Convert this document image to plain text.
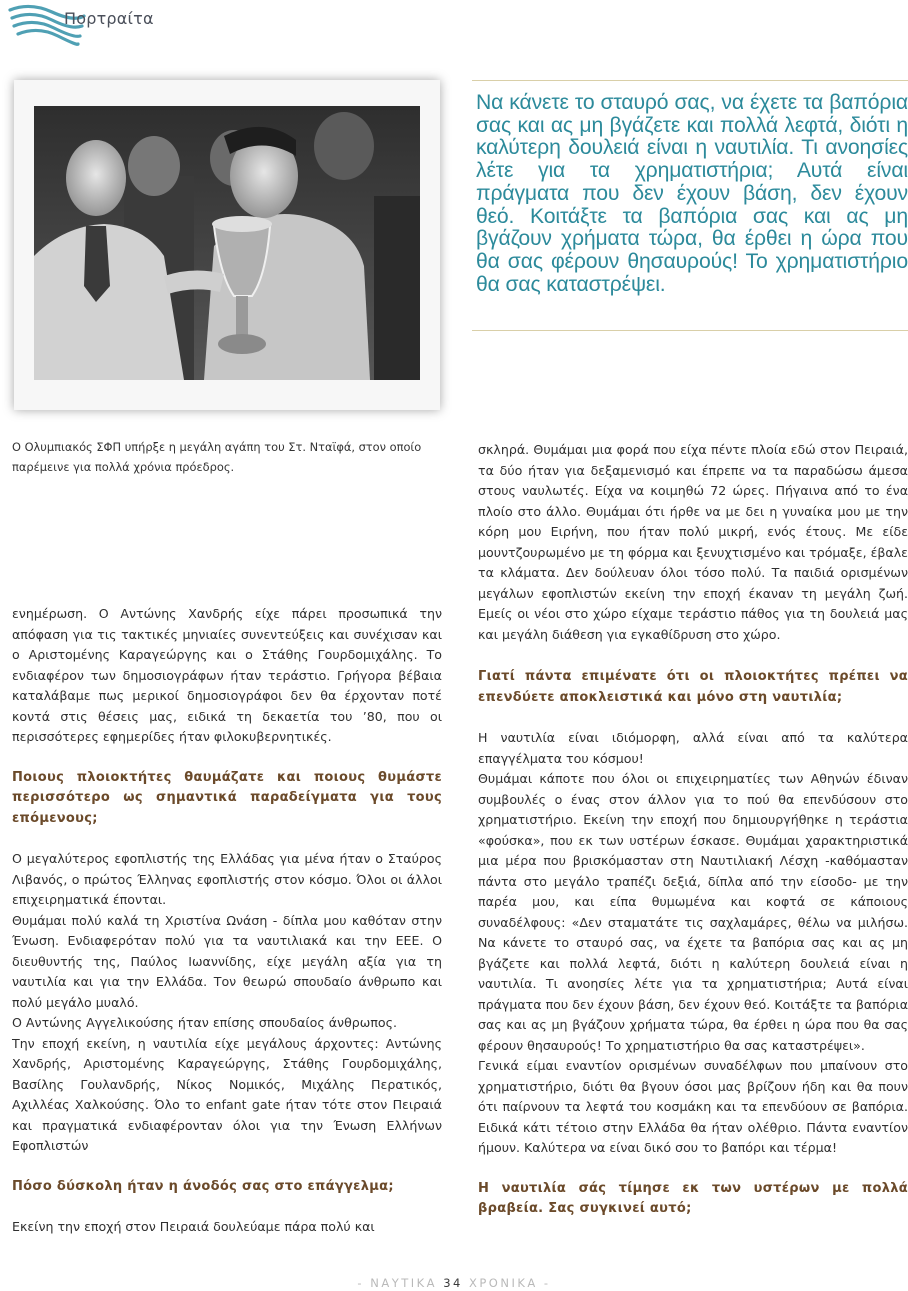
Πορτραίτα
Να κάνετε το σταυρό σας, να έχετε τα βαπόρια σας και ας μη βγάζετε και πολλά λεφτά, διότι η καλύτερη δουλειά είναι η ναυτιλία. Τι ανοησίες λέτε για τα χρηματιστήρια; Αυτά είναι πράγματα που δεν έχουν βάση, δεν έχουν θεό. Κοιτάξτε τα βαπόρια σας και ας μη βγάζουν χρήματα τώρα, θα έρθει η ώρα που θα σας φέρουν θησαυρούς! Το χρηματιστήριο θα σας καταστρέψει.
Ο Ολυμπιακός ΣΦΠ υπήρξε η μεγάλη αγάπη του Στ. Νταϊφά, στον οποίο παρέμεινε για πολλά χρόνια πρόεδρος.

ενημέρωση. Ο Αντώνης Χανδρής είχε πάρει προσωπικά την απόφαση για τις τακτικές μηνιαίες συνεντεύξεις και συνέχισαν και ο Αριστομένης Καραγεώργης και ο Στάθης Γουρδομιχάλης. Το ενδιαφέρον των δημοσιογράφων ήταν τεράστιο. Γρήγορα βέβαια καταλάβαμε πως μερικοί δημοσιογράφοι δεν θα έρχονταν ποτέ κοντά στις θέσεις μας, ειδικά τη δεκαετία του ’80, που οι περισσότερες εφημερίδες ήταν φιλοκυβερνητικές.

Ποιους πλοιοκτήτες θαυμάζατε και ποιους θυμάστε περισσότερο ως σημαντικά παραδείγματα για τους επόμενους;

Ο μεγαλύτερος εφοπλιστής της Ελλάδας για μένα ήταν ο Σταύρος Λιβανός, ο πρώτος Έλληνας εφοπλιστής στον κόσμο. Όλοι οι άλλοι επιχειρηματικά έπονται.

Θυμάμαι πολύ καλά τη Χριστίνα Ωνάση - δίπλα μου καθόταν στην Ένωση. Ενδιαφερόταν πολύ για τα ναυτιλιακά και την ΕΕΕ. Ο διευθυντής της, Παύλος Ιωαννίδης, είχε μεγάλη αξία για τη ναυτιλία και για την Ελλάδα. Τον θεωρώ σπουδαίο άνθρωπο και πολύ μεγάλο μυαλό.

Ο Αντώνης Αγγελικούσης ήταν επίσης σπουδαίος άνθρωπος.

Την εποχή εκείνη, η ναυτιλία είχε μεγάλους άρχοντες: Αντώνης Χανδρής, Αριστομένης Καραγεώργης, Στάθης Γουρδομιχάλης, Βασίλης Γουλανδρής, Νίκος Νομικός, Μιχάλης Περατικός, Αχιλλέας Χαλκούσης. Όλο το enfant gate ήταν τότε στον Πειραιά και πραγματικά ενδιαφέρονταν όλοι για την Ένωση Ελλήνων Εφοπλιστών

Πόσο δύσκολη ήταν η άνοδός σας στο επάγγελμα;

Εκείνη την εποχή στον Πειραιά δουλεύαμε πάρα πολύ και

σκληρά. Θυμάμαι μια φορά που είχα πέντε πλοία εδώ στον Πειραιά, τα δύο ήταν για δεξαμενισμό και έπρεπε να τα παραδώσω άμεσα στους ναυλωτές. Είχα να κοιμηθώ 72 ώρες. Πήγαινα από το ένα πλοίο στο άλλο. Θυμάμαι ότι ήρθε να με δει η γυναίκα μου με την κόρη μου Ειρήνη, που ήταν πολύ μικρή, ενός έτους. Με είδε μουντζουρωμένο με τη φόρμα και ξενυχτισμένο και τρόμαξε, έβαλε τα κλάματα. Δεν δούλευαν όλοι τόσο πολύ. Τα παιδιά ορισμένων μεγάλων εφοπλιστών εκείνη την εποχή έκαναν τη μεγάλη ζωή. Εμείς οι νέοι στο χώρο είχαμε τεράστιο πάθος για τη δουλειά μας και μεγάλη διάθεση για εγκαθίδρυση στο χώρο.

Γιατί πάντα επιμένατε ότι οι πλοιοκτήτες πρέπει να επενδύετε αποκλειστικά και μόνο στη ναυτιλία;

Η ναυτιλία είναι ιδιόμορφη, αλλά είναι από τα καλύτερα επαγγέλματα του κόσμου!

Θυμάμαι κάποτε που όλοι οι επιχειρηματίες των Αθηνών έδιναν συμβουλές ο ένας στον άλλον για το πού θα επενδύσουν στο χρηματιστήριο. Εκείνη την εποχή που δημιουργήθηκε η τεράστια «φούσκα», που εκ των υστέρων έσκασε. Θυμάμαι χαρακτηριστικά μια μέρα που βρισκόμασταν στη Ναυτιλιακή Λέσχη -καθόμασταν πάντα στο μεγάλο τραπέζι δεξιά, δίπλα από την είσοδο- με την παρέα μου, και είπα θυμωμένα και κοφτά σε κάποιους συναδέλφους: «Δεν σταματάτε τις σαχλαμάρες, θέλω να μιλήσω. Να κάνετε το σταυρό σας, να έχετε τα βαπόρια σας και ας μη βγάζετε και πολλά λεφτά, διότι η καλύτερη δουλειά είναι η ναυτιλία. Τι ανοησίες λέτε για τα χρηματιστήρια; Αυτά είναι πράγματα που δεν έχουν βάση, δεν έχουν θεό. Κοιτάξτε τα βαπόρια σας και ας μη βγάζουν χρήματα τώρα, θα έρθει η ώρα που θα σας φέρουν θησαυρούς! Το χρηματιστήριο θα σας καταστρέψει».

Γενικά είμαι εναντίον ορισμένων συναδέλφων που μπαίνουν στο χρηματιστήριο, διότι θα βγουν όσοι μας βρίζουν ήδη και θα πουν ότι παίρνουν τα λεφτά του κοσμάκη και τα επενδύουν σε βαπόρια. Ειδικά κάτι τέτοιο στην Ελλάδα θα ήταν ολέθριο. Πάντα εναντίον ήμουν. Καλύτερα να είναι δικό σου το βαπόρι και τέρμα!

Η ναυτιλία σάς τίμησε εκ των υστέρων με πολλά βραβεία. Σας συγκινεί αυτό;

- ΝΑΥΤΙΚΑ 34 ΧΡΟΝΙΚΑ -
